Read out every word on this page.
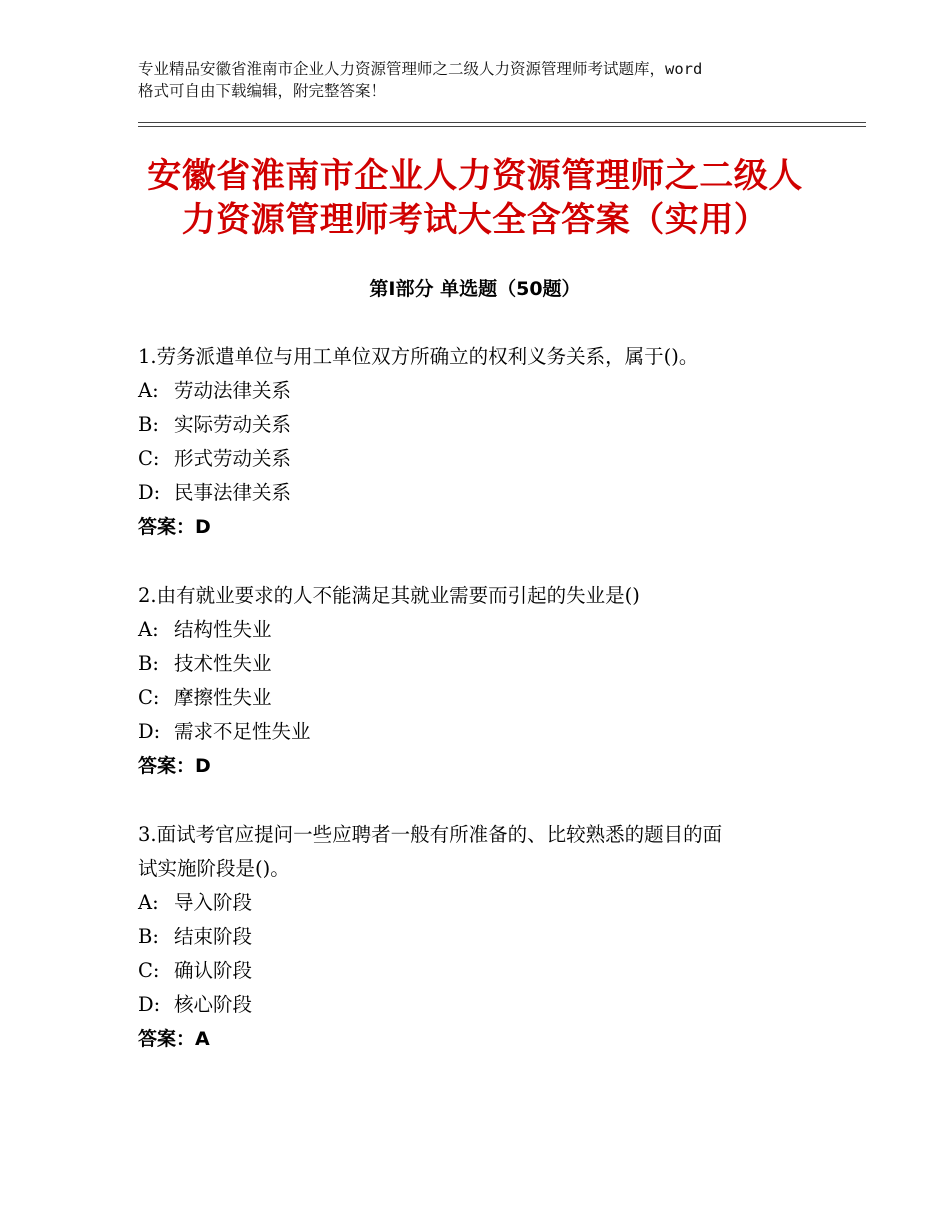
专业精品安徽省淮南市企业人力资源管理师之二级人力资源管理师考试题库，word
格式可自由下载编辑，附完整答案！
安徽省淮南市企业人力资源管理师之二级人
力资源管理师考试大全含答案（实用）
第Ⅰ部分 单选题（50题）
1.劳务派遣单位与用工单位双方所确立的权利义务关系，属于()。
A: 劳动法律关系
B: 实际劳动关系
C: 形式劳动关系
D: 民事法律关系
答案：D
2.由有就业要求的人不能满足其就业需要而引起的失业是()
A: 结构性失业
B: 技术性失业
C: 摩擦性失业
D: 需求不足性失业
答案：D
3.面试考官应提问一些应聘者一般有所准备的、比较熟悉的题目的面
试实施阶段是()。
A: 导入阶段
B: 结束阶段
C: 确认阶段
D: 核心阶段
答案：A
